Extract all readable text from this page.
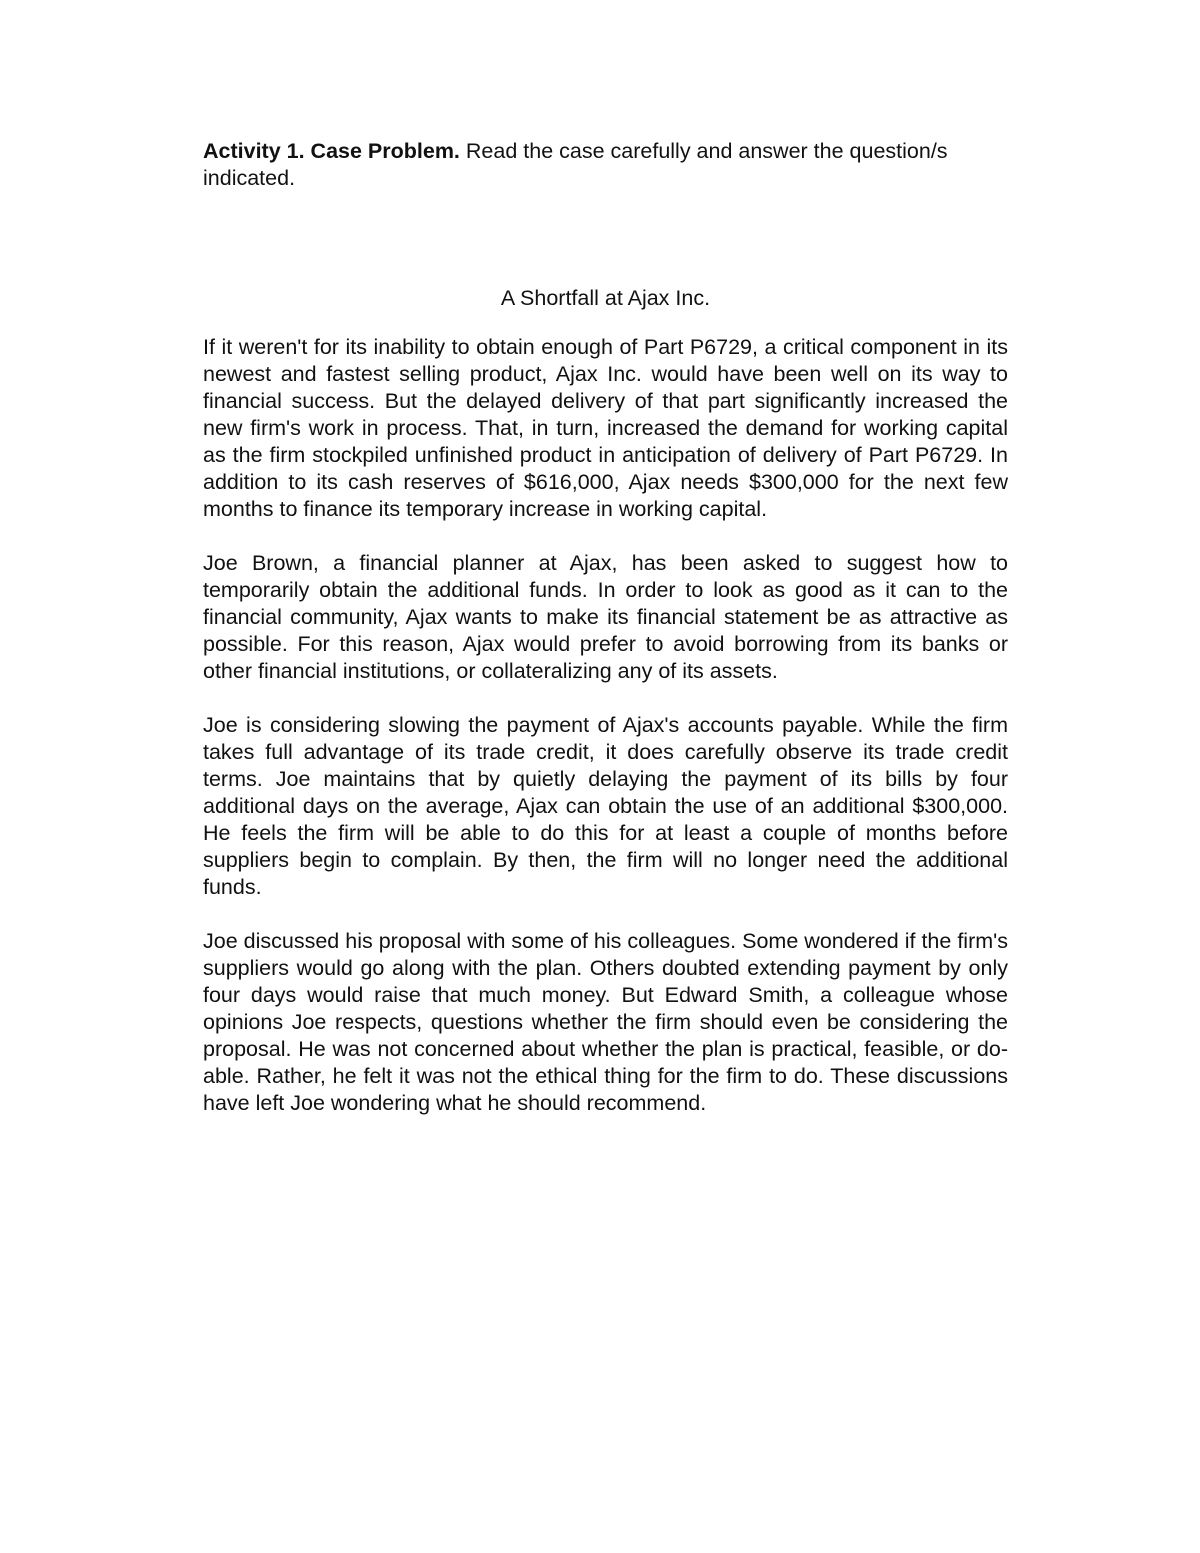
Activity 1. Case Problem. Read the case carefully and answer the question/s indicated.

A Shortfall at Ajax Inc.

If it weren't for its inability to obtain enough of Part P6729, a critical component in its newest and fastest selling product, Ajax Inc. would have been well on its way to financial success. But the delayed delivery of that part significantly increased the new firm's work in process. That, in turn, increased the demand for working capital as the firm stockpiled unfinished product in anticipation of delivery of Part P6729. In addition to its cash reserves of $616,000, Ajax needs $300,000 for the next few months to finance its temporary increase in working capital.

Joe Brown, a financial planner at Ajax, has been asked to suggest how to temporarily obtain the additional funds. In order to look as good as it can to the financial community, Ajax wants to make its financial statement be as attractive as possible. For this reason, Ajax would prefer to avoid borrowing from its banks or other financial institutions, or collateralizing any of its assets.

Joe is considering slowing the payment of Ajax's accounts payable. While the firm takes full advantage of its trade credit, it does carefully observe its trade credit terms. Joe maintains that by quietly delaying the payment of its bills by four additional days on the average, Ajax can obtain the use of an additional $300,000. He feels the firm will be able to do this for at least a couple of months before suppliers begin to complain. By then, the firm will no longer need the additional funds.

Joe discussed his proposal with some of his colleagues. Some wondered if the firm's suppliers would go along with the plan. Others doubted extending payment by only four days would raise that much money. But Edward Smith, a colleague whose opinions Joe respects, questions whether the firm should even be considering the proposal. He was not concerned about whether the plan is practical, feasible, or do-able. Rather, he felt it was not the ethical thing for the firm to do. These discussions have left Joe wondering what he should recommend.
